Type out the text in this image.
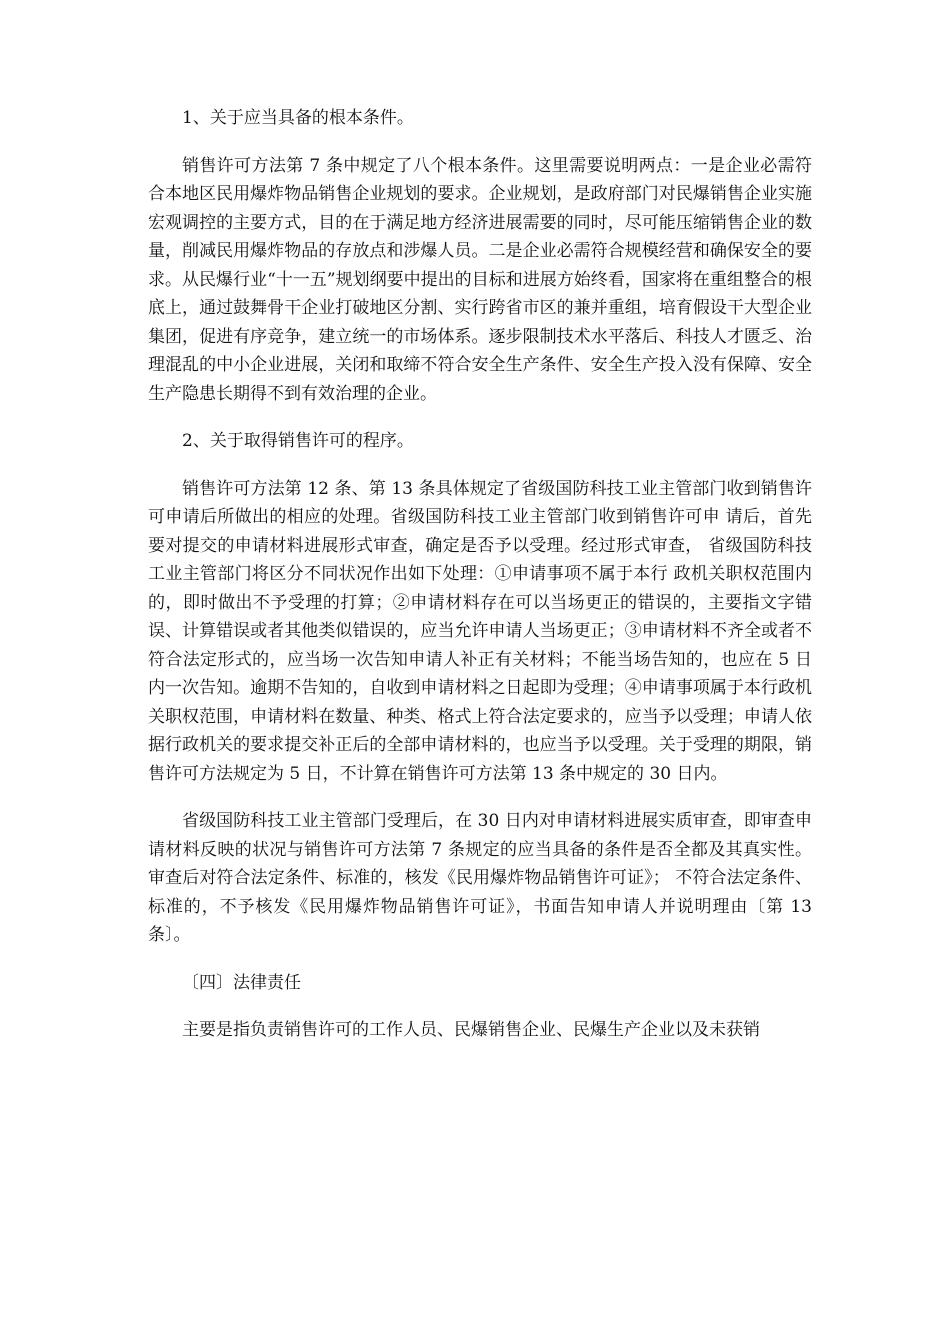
1、关于应当具备的根本条件。

销售许可方法第 7 条中规定了八个根本条件。这里需要说明两点：一是企业必需符合本地区民用爆炸物品销售企业规划的要求。企业规划，是政府部门对民爆销售企业实施宏观调控的主要方式，目的在于满足地方经济进展需要的同时，尽可能压缩销售企业的数量，削减民用爆炸物品的存放点和涉爆人员。二是企业必需符合规模经营和确保安全的要求。从民爆行业“十一五”规划纲要中提出的目标和进展方始终看，国家将在重组整合的根底上，通过鼓舞骨干企业打破地区分割、实行跨省市区的兼并重组，培育假设干大型企业集团，促进有序竞争，建立统一的市场体系。逐步限制技术水平落后、科技人才匮乏、治理混乱的中小企业进展，关闭和取缔不符合安全生产条件、安全生产投入没有保障、安全生产隐患长期得不到有效治理的企业。

2、关于取得销售许可的程序。

销售许可方法第 12 条、第 13 条具体规定了省级国防科技工业主管部门收到销售许可申请后所做出的相应的处理。省级国防科技工业主管部门收到销售许可申 请后，首先要对提交的申请材料进展形式审查，确定是否予以受理。经过形式审查， 省级国防科技工业主管部门将区分不同状况作出如下处理：①申请事项不属于本行 政机关职权范围内的，即时做出不予受理的打算；②申请材料存在可以当场更正的错误的，主要指文字错误、计算错误或者其他类似错误的，应当允许申请人当场更正；③申请材料不齐全或者不符合法定形式的，应当场一次告知申请人补正有关材料；不能当场告知的，也应在 5 日内一次告知。逾期不告知的，自收到申请材料之日起即为受理；④申请事项属于本行政机关职权范围，申请材料在数量、种类、格式上符合法定要求的，应当予以受理；申请人依据行政机关的要求提交补正后的全部申请材料的，也应当予以受理。关于受理的期限，销售许可方法规定为 5 日，不计算在销售许可方法第 13 条中规定的 30 日内。

省级国防科技工业主管部门受理后，在 30 日内对申请材料进展实质审查，即审查申请材料反映的状况与销售许可方法第 7 条规定的应当具备的条件是否全都及其真实性。审查后对符合法定条件、标准的，核发《民用爆炸物品销售许可证》； 不符合法定条件、标准的，不予核发《民用爆炸物品销售许可证》，书面告知申请人并说明理由〔第 13 条〕。

〔四〕法律责任

主要是指负责销售许可的工作人员、民爆销售企业、民爆生产企业以及未获销
